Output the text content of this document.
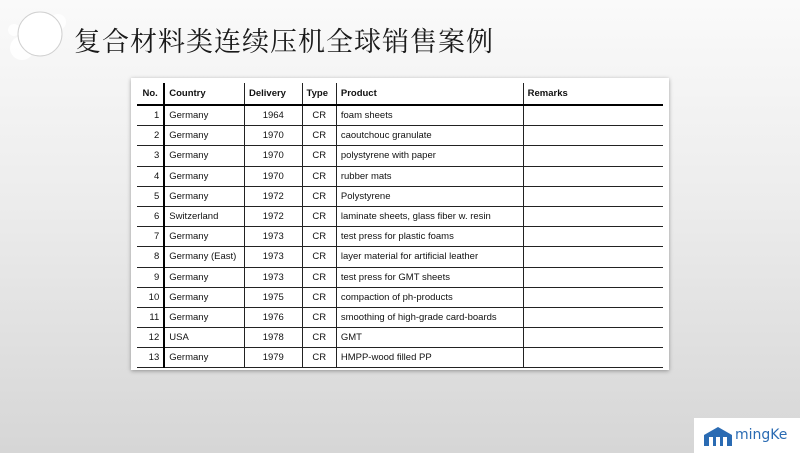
复合材料类连续压机全球销售案例
No.	Country	Delivery	Type	Product	Remarks
1	Germany	1964	CR	foam sheets	
2	Germany	1970	CR	caoutchouc granulate	
3	Germany	1970	CR	polystyrene with paper	
4	Germany	1970	CR	rubber mats	
5	Germany	1972	CR	Polystyrene	
6	Switzerland	1972	CR	laminate sheets, glass fiber w. resin	
7	Germany	1973	CR	test press for plastic foams	
8	Germany (East)	1973	CR	layer material for artificial leather	
9	Germany	1973	CR	test press for GMT sheets	
10	Germany	1975	CR	compaction of ph-products	
11	Germany	1976	CR	smoothing of high-grade card-boards	
12	USA	1978	CR	GMT	
13	Germany	1979	CR	HMPP-wood filled PP	
mingKe
